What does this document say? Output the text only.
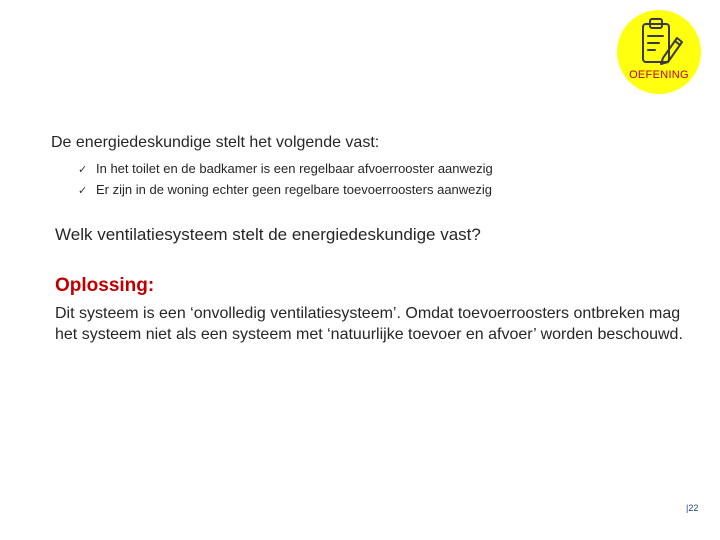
OEFENING
De energiedeskundige stelt het volgende vast:
✓ In het toilet en de badkamer is een regelbaar afvoerrooster aanwezig
✓ Er zijn in de woning echter geen regelbare toevoerroosters aanwezig
Welk ventilatiesysteem stelt de energiedeskundige vast?
Oplossing:
Dit systeem is een ‘onvolledig ventilatiesysteem’. Omdat toevoerroosters ontbreken mag het systeem niet als een systeem met ‘natuurlijke toevoer en afvoer’ worden beschouwd.
|22
